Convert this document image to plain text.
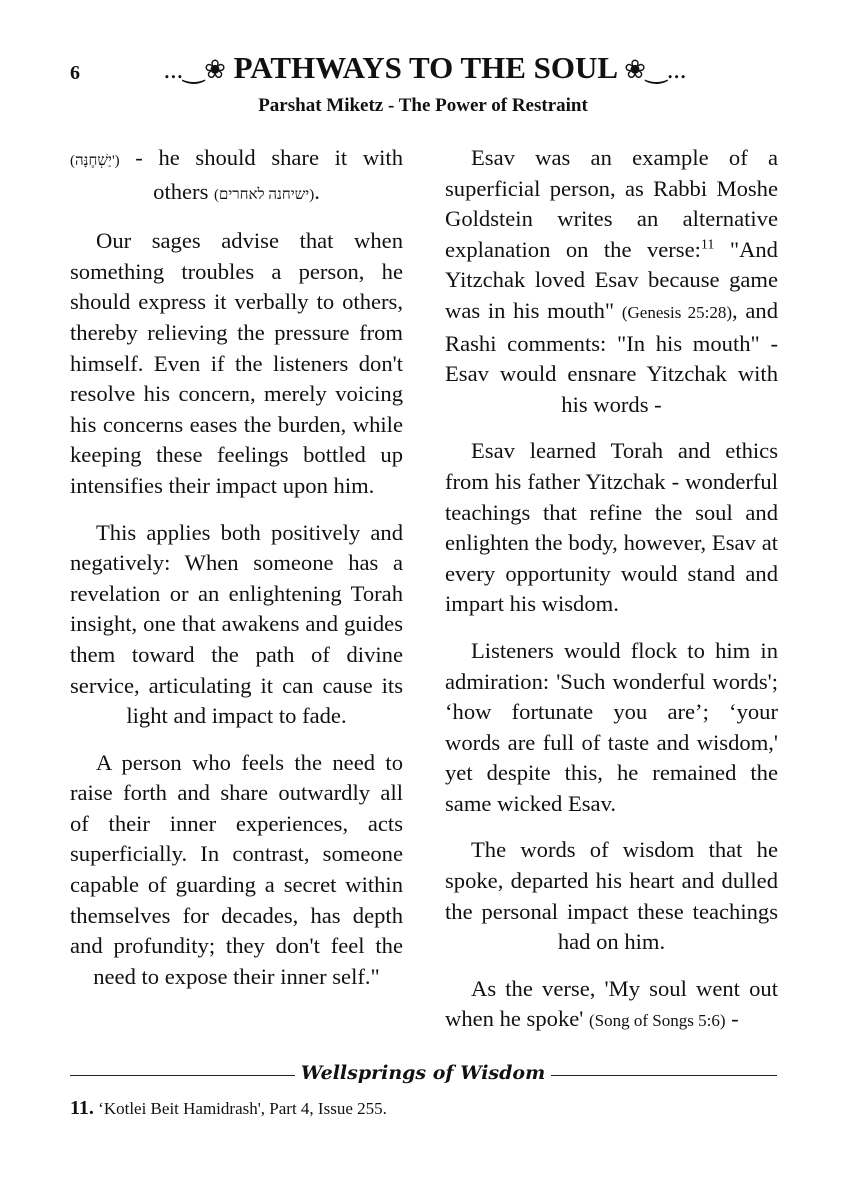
6	...‿❀ PATHWAYS TO THE SOUL ❀‿...
Parshat Miketz - The Power of Restraint

(יַשְׁחֶנָּה') - he should share it with others (ישיחנה לאחרים).

Our sages advise that when something troubles a person, he should express it verbally to others, thereby relieving the pressure from himself. Even if the listeners don't resolve his concern, merely voicing his concerns eases the burden, while keeping these feelings bottled up intensifies their impact upon him.

This applies both positively and negatively: When someone has a revelation or an enlightening Torah insight, one that awakens and guides them toward the path of divine service, articulating it can cause its light and impact to fade.

A person who feels the need to raise forth and share outwardly all of their inner experiences, acts superficially. In contrast, someone capable of guarding a secret within themselves for decades, has depth and profundity; they don't feel the need to expose their inner self."

Esav was an example of a superficial person, as Rabbi Moshe Goldstein writes an alternative explanation on the verse:$^{11}$ "And Yitzchak loved Esav because game was in his mouth" (Genesis 25:28), and Rashi comments: "In his mouth" - Esav would ensnare Yitzchak with his words -

Esav learned Torah and ethics from his father Yitzchak - wonderful teachings that refine the soul and enlighten the body, however, Esav at every opportunity would stand and impart his wisdom.

Listeners would flock to him in admiration: 'Such wonderful words'; ‘how fortunate you are’; ‘your words are full of taste and wisdom,' yet despite this, he remained the same wicked Esav.

The words of wisdom that he spoke, departed his heart and dulled the personal impact these teachings had on him.

As the verse, 'My soul went out when he spoke' (Song of Songs 5:6) -

Wellsprings of Wisdom
11. ‘Kotlei Beit Hamidrash', Part 4, Issue 255.
